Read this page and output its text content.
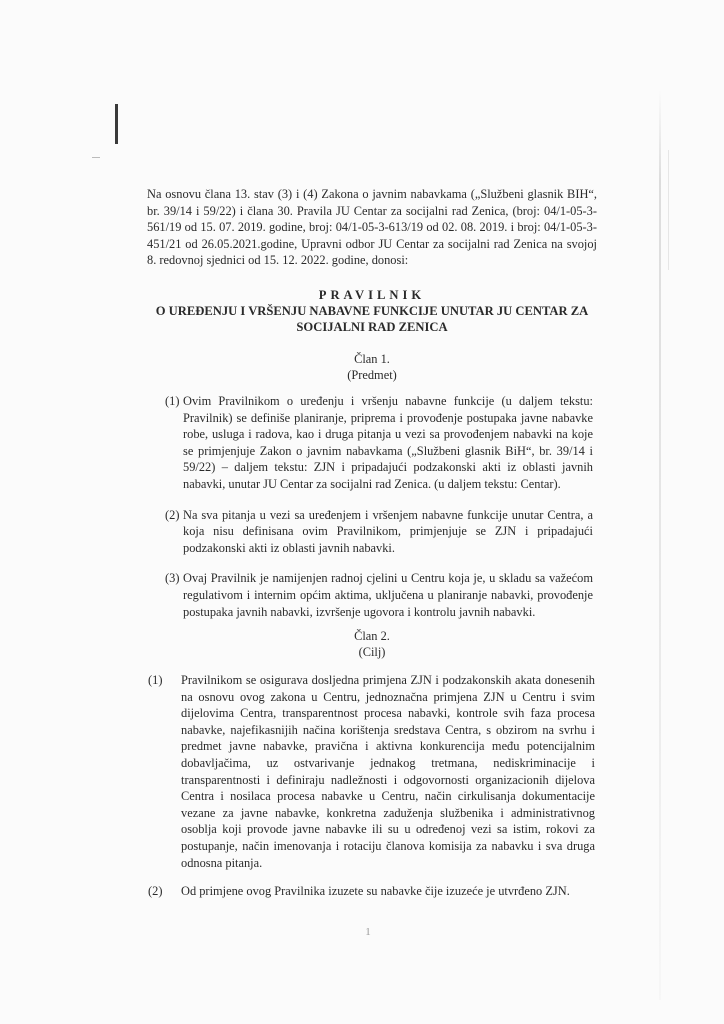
Na osnovu člana 13. stav (3) i (4) Zakona o javnim nabavkama („Službeni glasnik BIH“, br. 39/14 i 59/22) i člana 30. Pravila JU Centar za socijalni rad Zenica, (broj: 04/1-05-3-561/19 od 15. 07. 2019. godine, broj: 04/1-05-3-613/19 od 02. 08. 2019. i broj: 04/1-05-3-451/21 od 26.05.2021.godine, Upravni odbor JU Centar za socijalni rad Zenica na svojoj 8. redovnoj sjednici od 15. 12. 2022. godine, donosi:
PRAVILNIK
O UREĐENJU I VRŠENJU NABAVNE FUNKCIJE UNUTAR JU CENTAR ZA
SOCIJALNI RAD ZENICA
Član 1.
(Predmet)
(1) Ovim Pravilnikom o uređenju i vršenju nabavne funkcije (u daljem tekstu: Pravilnik) se definiše planiranje, priprema i provođenje postupaka javne nabavke robe, usluga i radova, kao i druga pitanja u vezi sa provođenjem nabavki na koje se primjenjuje Zakon o javnim nabavkama („Službeni glasnik BiH“, br. 39/14 i 59/22) – daljem tekstu: ZJN i pripadajući podzakonski akti iz oblasti javnih nabavki, unutar JU Centar za socijalni rad Zenica. (u daljem tekstu: Centar).
(2) Na sva pitanja u vezi sa uređenjem i vršenjem nabavne funkcije unutar Centra, a koja nisu definisana ovim Pravilnikom, primjenjuje se ZJN i pripadajući podzakonski akti iz oblasti javnih nabavki.
(3) Ovaj Pravilnik je namijenjen radnoj cjelini u Centru koja je, u skladu sa važećom regulativom i internim općim aktima, uključena u planiranje nabavki, provođenje postupaka javnih nabavki, izvršenje ugovora i kontrolu javnih nabavki.
Član 2.
(Cilj)
(1) Pravilnikom se osigurava dosljedna primjena ZJN i podzakonskih akata donesenih na osnovu ovog zakona u Centru, jednoznačna primjena ZJN u Centru i svim dijelovima Centra, transparentnost procesa nabavki, kontrole svih faza procesa nabavke, najefikasnijih načina korištenja sredstava Centra, s obzirom na svrhu i predmet javne nabavke, pravična i aktivna konkurencija među potencijalnim dobavljačima, uz ostvarivanje jednakog tretmana, nediskriminacije i transparentnosti i definiraju nadležnosti i odgovornosti organizacionih dijelova Centra i nosilaca procesa nabavke u Centru, način cirkulisanja dokumentacije vezane za javne nabavke, konkretna zaduženja službenika i administrativnog osoblja koji provode javne nabavke ili su u određenoj vezi sa istim, rokovi za postupanje, način imenovanja i rotaciju članova komisija za nabavku i sva druga odnosna pitanja.
(2) Od primjene ovog Pravilnika izuzete su nabavke čije izuzeće je utvrđeno ZJN.
1
